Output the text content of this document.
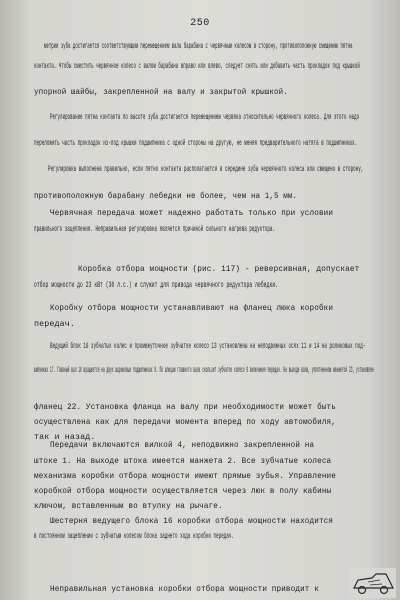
250
метрии зуба достигается соответствующим перемещением вала барабана с червячным колесом в сторону, противоположную смещению пятна
контакта. Чтобы сместить червячное колесо с валом барабана вправо или влево, следует снять или добавить часть прокладок под крышкой
упорной шайбы, закрепленной на валу и закрытой крышкой.
Регулирование пятна контакта по высоте зуба достигается перемещением червяка относительно червячного колеса. Для этого надо
переложить часть прокладок из-под крышки подшипника с одной стороны на другую, не меняя предварительного натяга в подшипниках.
Регулировка выполнена правильно, если пятно контакта располагается в середине зуба червячного колеса или смещено в сторону,
противоположную барабану лебедки не более, чем на 1,5 мм.
Червячная передача может надежно работать только при условии
правильного зацепления. Неправильная регулировка является причиной сильного нагрева редуктора.
Коробка отбора мощности (рис. 117) - реверсивная, допускает
отбор мощности до 23 кВт (30 л.с.) и служит для привода червячного редуктора лебедки.
Коробку отбора мощности устанавливают на фланец люка коробки
передач.
Ведущий блок 16 зубчатых колес и промежуточное зубчатое колесо 13 установлены на неподвижных осях 11 и 14 на роликовых под-
шипниках 17. Главный вал 10 вращается на двух шариковых подшипниках 8. По шлицам главного вала скользит зубчатое колесо 9 включения передач. На выходе вала, уплотненном манжетой 23, установлен
фланец 22. Установка фланца на валу при необходимости может быть
осуществлена как для передачи момента вперед по ходу автомобиля,
так и назад.
Передачи включаются вилкой 4, неподвижно закрепленной на
штоке 1. На выходе штока имеется манжета 2. Все зубчатые колеса
механизма коробки отбора мощности имеют прямые зубья. Управление
коробкой отбора мощности осуществляется через люк в полу кабины
ключом, вставленным во втулку на рычаге.
Шестерня ведущего блока 16 коробки отбора мощности находится
в постоянном зацеплении с зубчатым колесом блока заднего хода коробки передач.
Неправильная установка коробки отбора мощности приводит к
